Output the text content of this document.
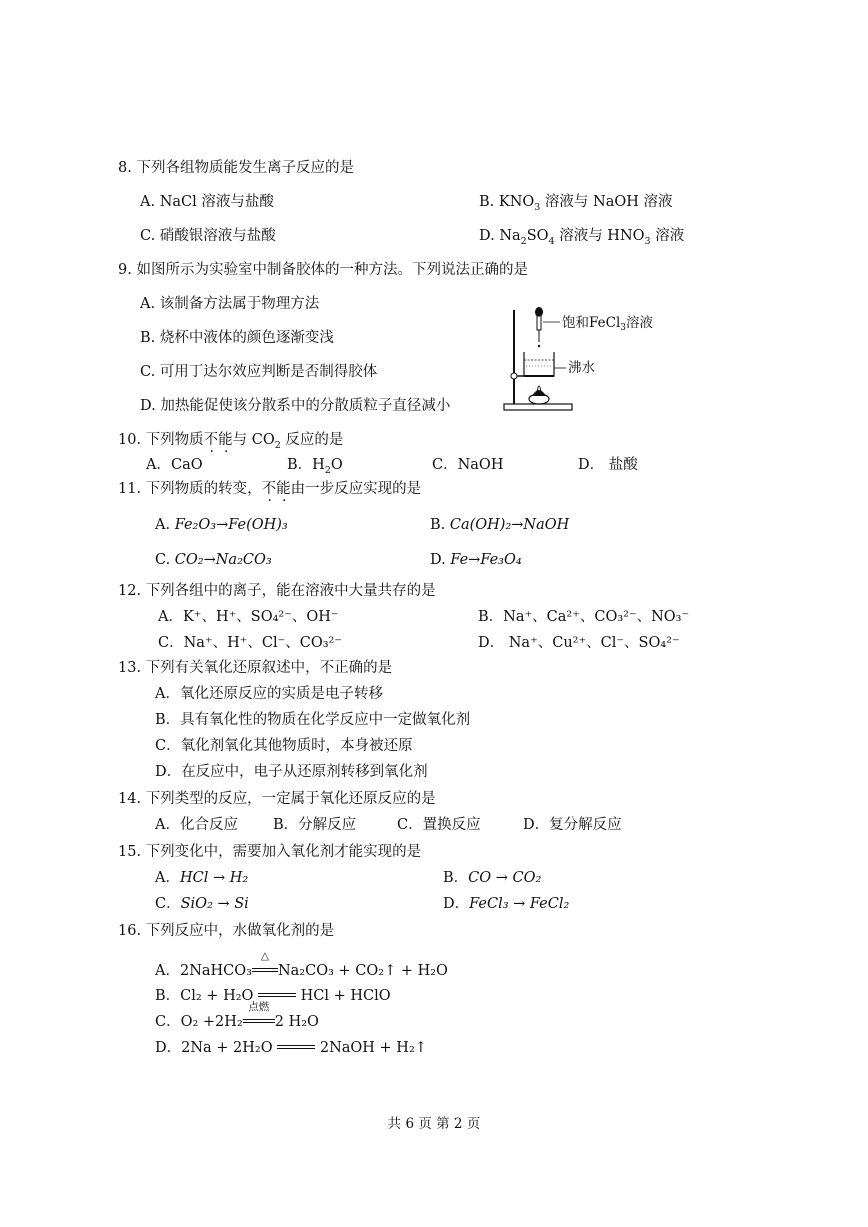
8. 下列各组物质能发生离子反应的是
A. NaCl 溶液与盐酸	B. $KNO_3$ 溶液与 NaOH 溶液
C. 硝酸银溶液与盐酸	D. $Na_2SO_4$ 溶液与 $HNO_3$ 溶液
9. 如图所示为实验室中制备胶体的一种方法。下列说法正确的是
A. 该制备方法属于物理方法
B. 烧杯中液体的颜色逐渐变浅
C. 可用丁达尔效应判断是否制得胶体
D. 加热能促使该分散系中的分散质粒子直径减小
饱和FeCl$_3$溶液
沸水
10. 下列物质不能与 $CO_2$ 反应的是
A．CaO	B．$H_2O$	C．NaOH	D． 盐酸
11. 下列物质的转变，不能由一步反应实现的是
A. Fe₂O₃→Fe(OH)₃	B. Ca(OH)₂→NaOH
C. CO₂→Na₂CO₃	D. Fe→Fe₃O₄
12. 下列各组中的离子，能在溶液中大量共存的是
A．K⁺、H⁺、SO₄²⁻、OH⁻	B．Na⁺、Ca²⁺、CO₃²⁻、NO₃⁻
C．Na⁺、H⁺、Cl⁻、CO₃²⁻	D． Na⁺、Cu²⁺、Cl⁻、SO₄²⁻
13. 下列有关氧化还原叙述中，不正确的是
A．氧化还原反应的实质是电子转移
B．具有氧化性的物质在化学反应中一定做氧化剂
C．氧化剂氧化其他物质时，本身被还原
D．在反应中，电子从还原剂转移到氧化剂
14. 下列类型的反应，一定属于氧化还原反应的是
A．化合反应 B．分解反应	C．置换反应	D．复分解反应
15. 下列变化中，需要加入氧化剂才能实现的是
A．HCl → H₂	B．CO → CO₂
C．SiO₂ → Si	D．FeCl₃ → FeCl₂
16. 下列反应中，水做氧化剂的是
A．2NaHCO₃
△
Na₂CO₃ + CO₂↑ + H₂O
B．Cl₂ + H₂O	HCl + HClO
C．O₂ +2H₂
点燃
2 H₂O
D．2Na + 2H₂O	2NaOH + H₂↑
共 6 页 第 2 页
